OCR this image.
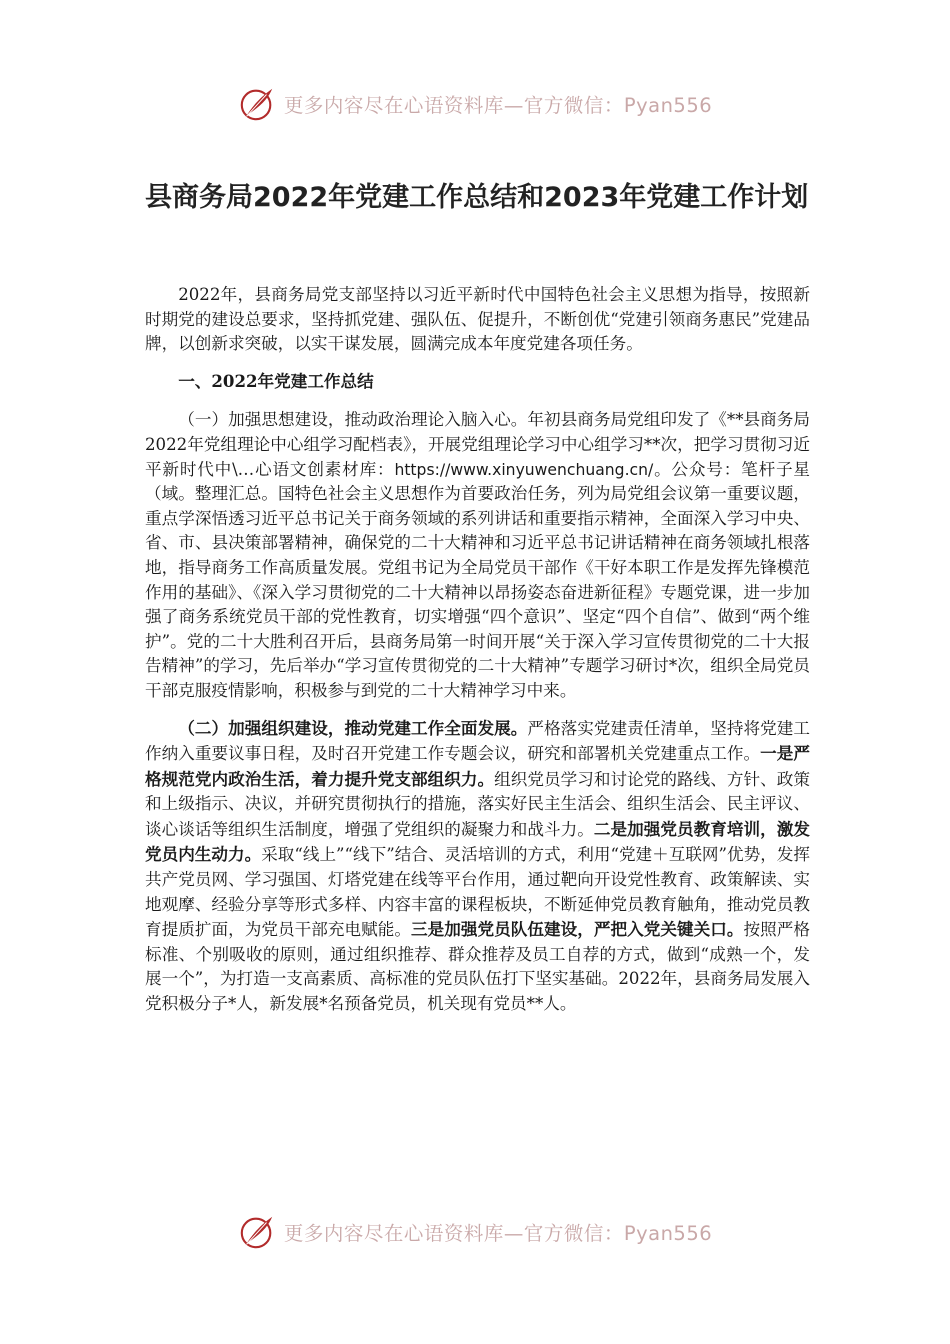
更多内容尽在心语资料库—官方微信：Pyan556
县商务局2022年党建工作总结和2023年党建工作计划

2022年，县商务局党支部坚持以习近平新时代中国特色社会主义思想为指导，按照新时期党的建设总要求，坚持抓党建、强队伍、促提升，不断创优“党建引领商务惠民”党建品牌，以创新求突破，以实干谋发展，圆满完成本年度党建各项任务。

一、2022年党建工作总结

（一）加强思想建设，推动政治理论入脑入心。年初县商务局党组印发了《**县商务局2022年党组理论中心组学习配档表》，开展党组理论学习中心组学习**次，把学习贯彻习近平新时代中\…心语文创素材库：https://www.xinyuwenchuang.cn/。公众号：笔杆子星（域。整理汇总。国特色社会主义思想作为首要政治任务，列为局党组会议第一重要议题，重点学深悟透习近平总书记关于商务领域的系列讲话和重要指示精神，全面深入学习中央、省、市、县决策部署精神，确保党的二十大精神和习近平总书记讲话精神在商务领域扎根落地，指导商务工作高质量发展。党组书记为全局党员干部作《干好本职工作是发挥先锋模范作用的基础》、《深入学习贯彻党的二十大精神以昂扬姿态奋进新征程》专题党课，进一步加强了商务系统党员干部的党性教育，切实增强“四个意识”、坚定“四个自信”、做到“两个维护”。党的二十大胜利召开后，县商务局第一时间开展“关于深入学习宣传贯彻党的二十大报告精神”的学习，先后举办“学习宣传贯彻党的二十大精神”专题学习研讨*次，组织全局党员干部克服疫情影响，积极参与到党的二十大精神学习中来。

（二）加强组织建设，推动党建工作全面发展。严格落实党建责任清单，坚持将党建工作纳入重要议事日程，及时召开党建工作专题会议，研究和部署机关党建重点工作。一是严格规范党内政治生活，着力提升党支部组织力。组织党员学习和讨论党的路线、方针、政策和上级指示、决议，并研究贯彻执行的措施，落实好民主生活会、组织生活会、民主评议、谈心谈话等组织生活制度，增强了党组织的凝聚力和战斗力。二是加强党员教育培训，激发党员内生动力。采取“线上”“线下”结合、灵活培训的方式，利用“党建＋互联网”优势，发挥共产党员网、学习强国、灯塔党建在线等平台作用，通过靶向开设党性教育、政策解读、实地观摩、经验分享等形式多样、内容丰富的课程板块，不断延伸党员教育触角，推动党员教育提质扩面，为党员干部充电赋能。三是加强党员队伍建设，严把入党关键关口。按照严格标准、个别吸收的原则，通过组织推荐、群众推荐及员工自荐的方式，做到“成熟一个，发展一个”，为打造一支高素质、高标准的党员队伍打下坚实基础。2022年，县商务局发展入党积极分子*人，新发展*名预备党员，机关现有党员**人。

更多内容尽在心语资料库—官方微信：Pyan556
